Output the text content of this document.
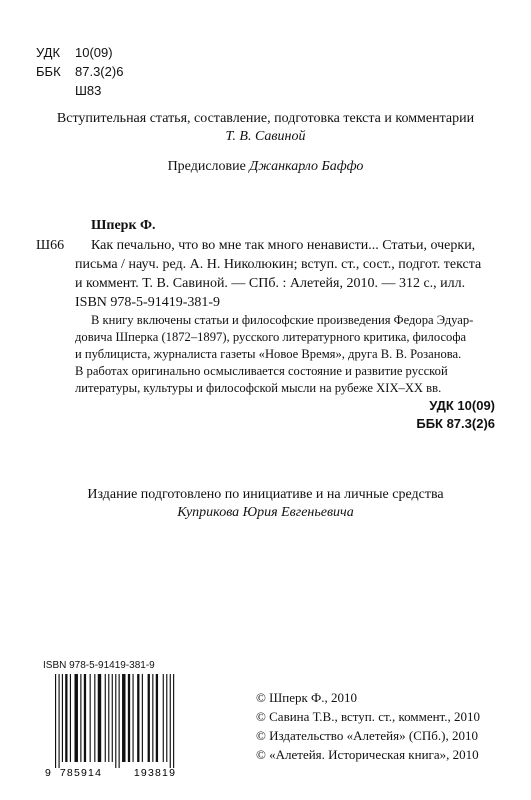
УДК 10(09)
ББК 87.3(2)6
Ш83
Вступительная статья, составление, подготовка текста и комментарии
Т. В. Савиной
Предисловие Джанкарло Баффо
Шперк Ф.
Ш66 Как печально, что во мне так много ненависти... Статьи, очерки,
письма / науч. ред. А. Н. Николюкин; вступ. ст., сост., подгот. текста
и коммент. Т. В. Савиной. — СПб. : Алетейя, 2010. — 312 с., илл.
ISBN 978-5-91419-381-9
В книгу включены статьи и философские произведения Федора Эдуар-
довича Шперка (1872–1897), русского литературного критика, философа
и публициста, журналиста газеты «Новое Время», друга В. В. Розанова.
В работах оригинально осмысливается состояние и развитие русской
литературы, культуры и философской мысли на рубеже XIX–XX вв.
УДК 10(09)
ББК 87.3(2)6
Издание подготовлено по инициативе и на личные средства
Куприкова Юрия Евгеньевича
ISBN 978-5-91419-381-9
9 785914	193819
© Шперк Ф., 2010
© Савина Т.В., вступ. ст., коммент., 2010
© Издательство «Алетейя» (СПб.), 2010
© «Алетейя. Историческая книга», 2010
